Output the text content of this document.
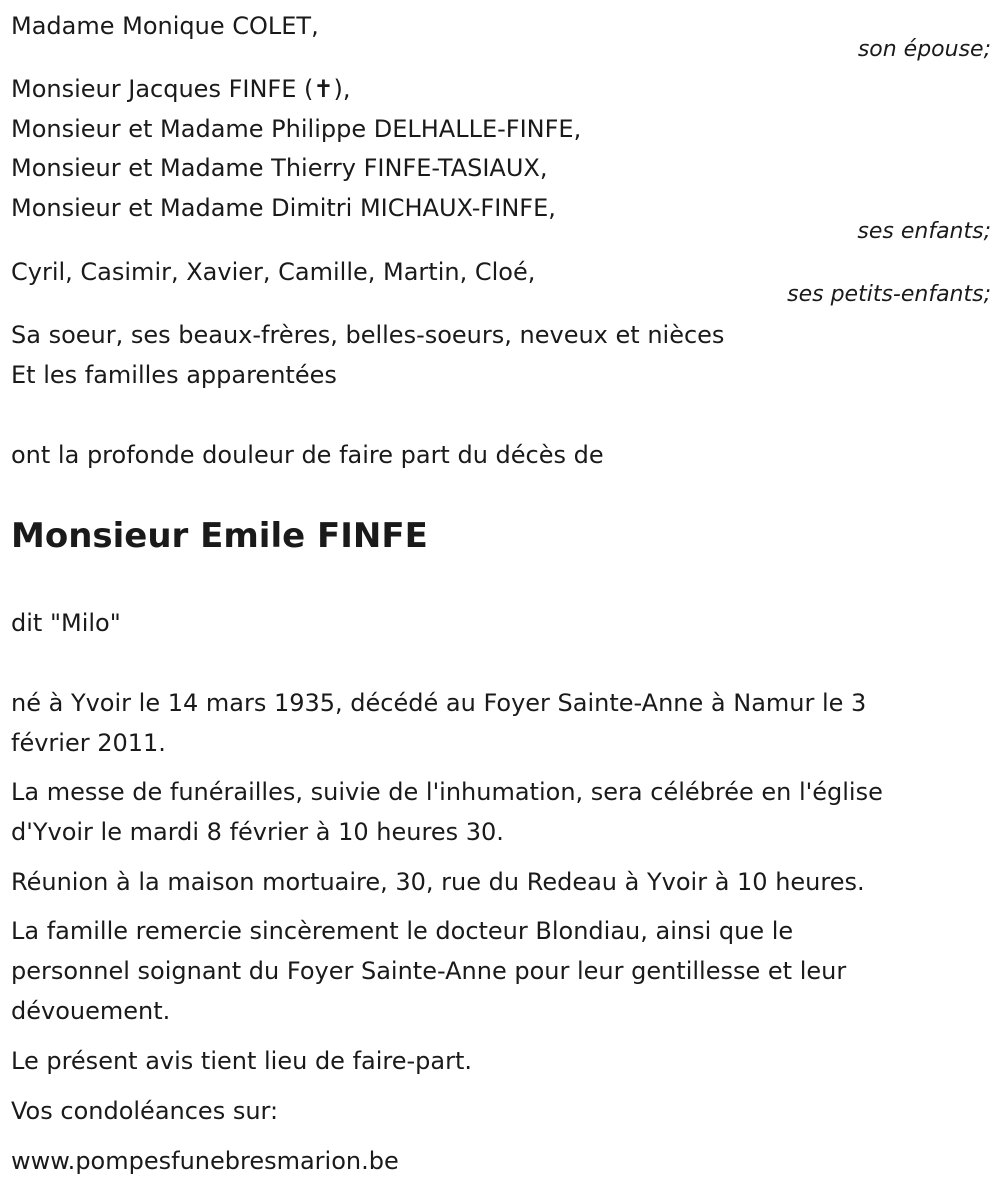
Madame Monique COLET,
son épouse;
Monsieur Jacques FINFE (✝),
Monsieur et Madame Philippe DELHALLE-FINFE,
Monsieur et Madame Thierry FINFE-TASIAUX,
Monsieur et Madame Dimitri MICHAUX-FINFE,
ses enfants;
Cyril, Casimir, Xavier, Camille, Martin, Cloé,
ses petits-enfants;
Sa soeur, ses beaux-frères, belles-soeurs, neveux et nièces
Et les familles apparentées
ont la profonde douleur de faire part du décès de
Monsieur Emile FINFE
dit "Milo"
né à Yvoir le 14 mars 1935, décédé au Foyer Sainte-Anne à Namur le 3
février 2011.
La messe de funérailles, suivie de l'inhumation, sera célébrée en l'église
d'Yvoir le mardi 8 février à 10 heures 30.
Réunion à la maison mortuaire, 30, rue du Redeau à Yvoir à 10 heures.
La famille remercie sincèrement le docteur Blondiau, ainsi que le
personnel soignant du Foyer Sainte-Anne pour leur gentillesse et leur
dévouement.
Le présent avis tient lieu de faire-part.
Vos condoléances sur:
www.pompesfunebresmarion.be
